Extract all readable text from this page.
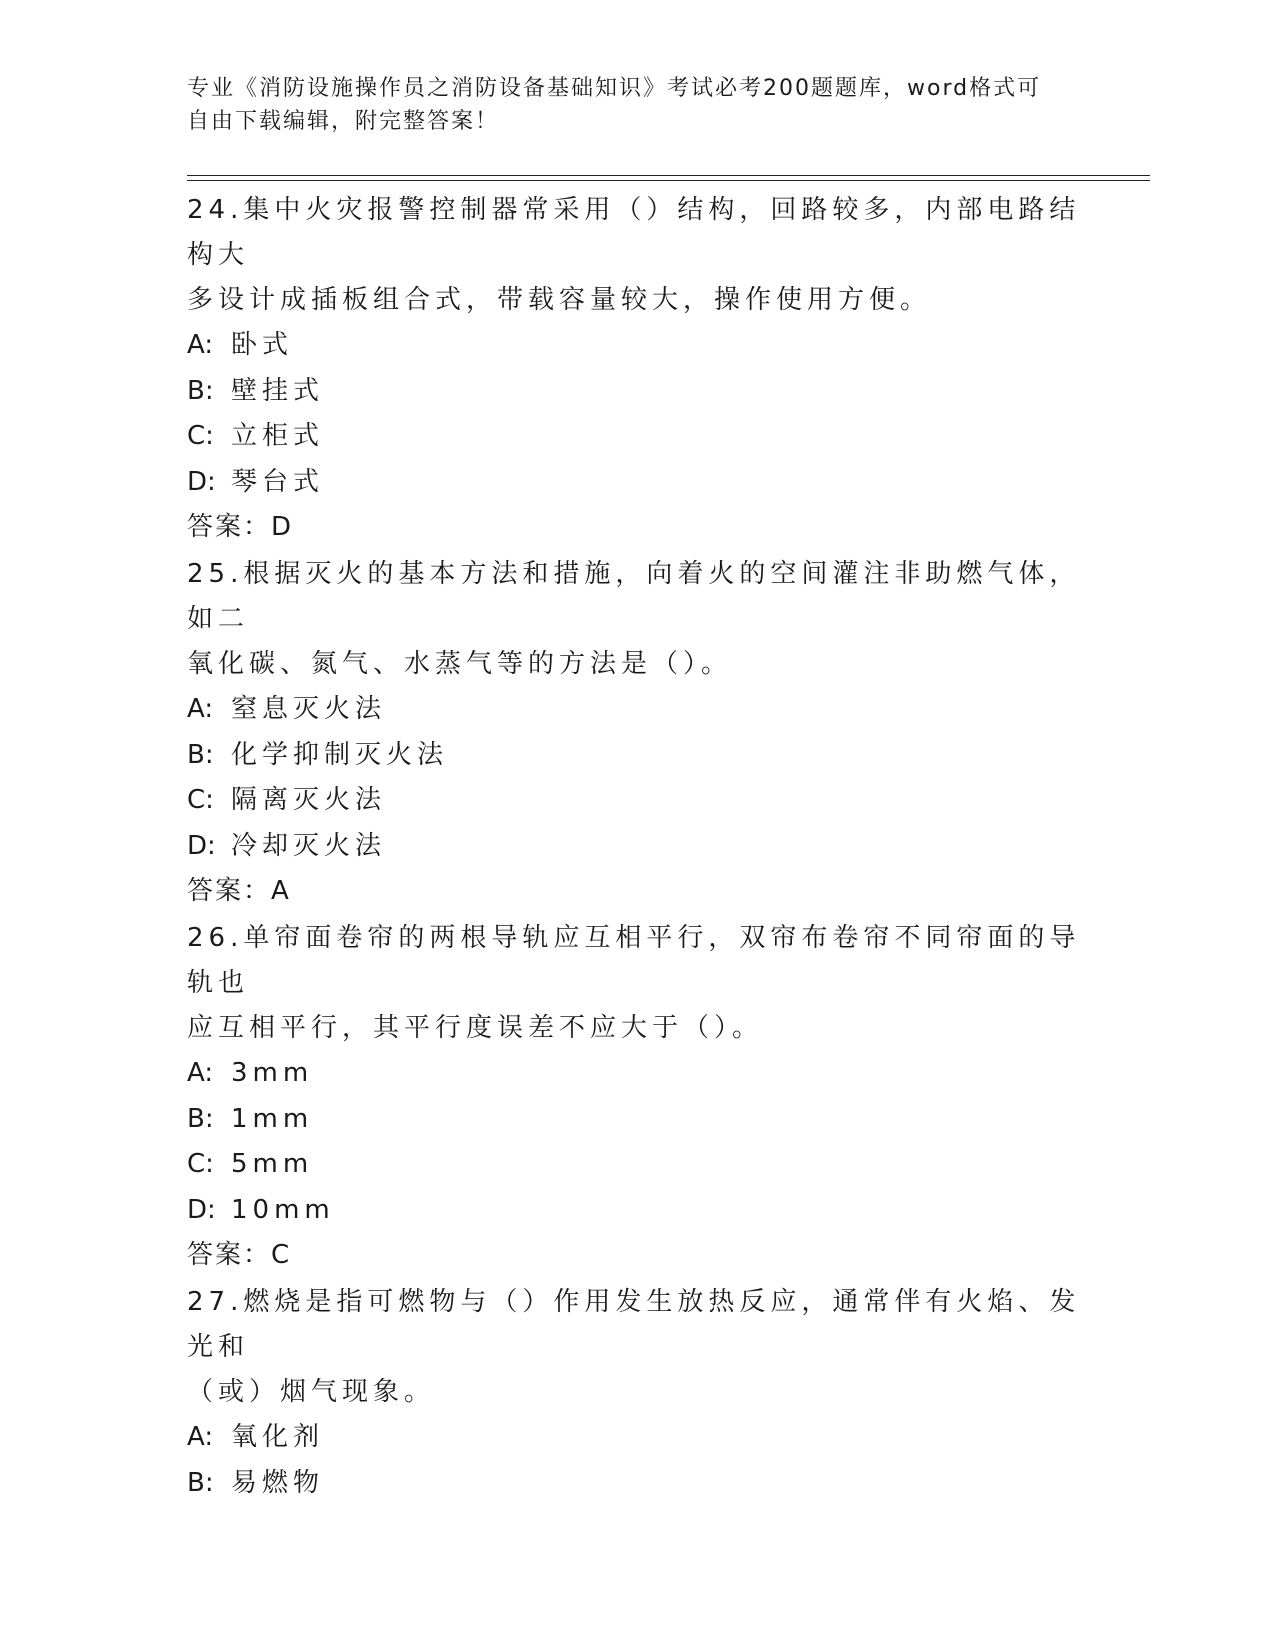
专业《消防设施操作员之消防设备基础知识》考试必考200题题库，word格式可
自由下载编辑，附完整答案！

24.集中火灾报警控制器常采用（）结构，回路较多，内部电路结构大
多设计成插板组合式，带载容量较大，操作使用方便。

A: 卧式

B: 壁挂式

C: 立柜式

D: 琴台式

答案：D

25.根据灭火的基本方法和措施，向着火的空间灌注非助燃气体，如二
氧化碳、氮气、水蒸气等的方法是（）。

A: 窒息灭火法

B: 化学抑制灭火法

C: 隔离灭火法

D: 冷却灭火法

答案：A

26.单帘面卷帘的两根导轨应互相平行，双帘布卷帘不同帘面的导轨也
应互相平行，其平行度误差不应大于（）。

A: 3mm

B: 1mm

C: 5mm

D: 10mm

答案：C

27.燃烧是指可燃物与（）作用发生放热反应，通常伴有火焰、发光和
（或）烟气现象。

A: 氧化剂

B: 易燃物
